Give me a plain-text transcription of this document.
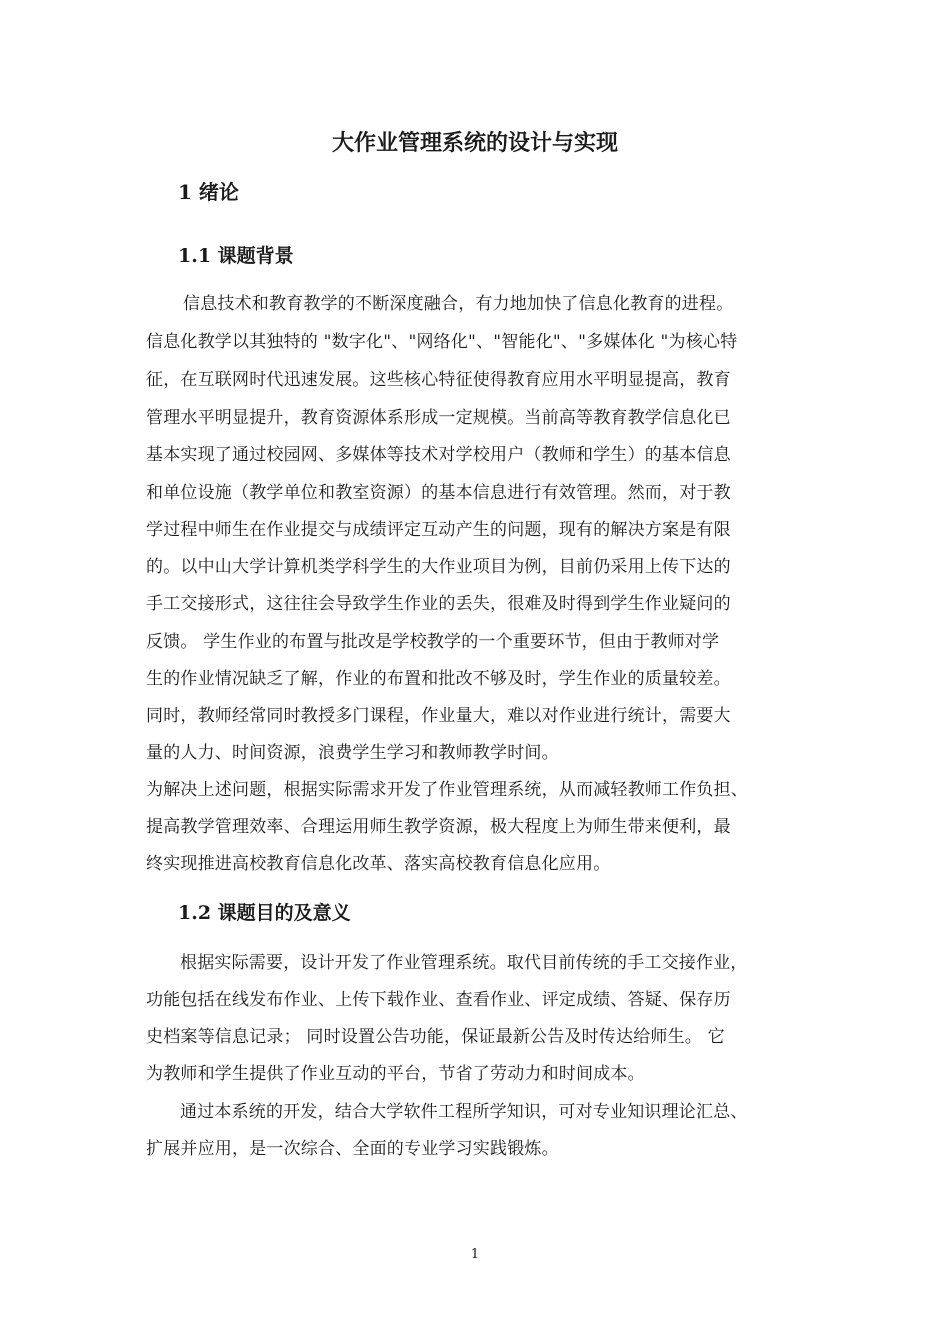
大作业管理系统的设计与实现
1 绪论
1.1 课题背景
信息技术和教育教学的不断深度融合，有力地加快了信息化教育的进程。
信息化教学以其独特的 "数字化"、"网络化"、"智能化"、"多媒体化 "为核心特
征，在互联网时代迅速发展。这些核心特征使得教育应用水平明显提高，教育
管理水平明显提升，教育资源体系形成一定规模。当前高等教育教学信息化已
基本实现了通过校园网、多媒体等技术对学校用户（教师和学生）的基本信息
和单位设施（教学单位和教室资源）的基本信息进行有效管理。然而，对于教
学过程中师生在作业提交与成绩评定互动产生的问题，现有的解决方案是有限
的。以中山大学计算机类学科学生的大作业项目为例，目前仍采用上传下达的
手工交接形式，这往往会导致学生作业的丢失，很难及时得到学生作业疑问的
反馈。 学生作业的布置与批改是学校教学的一个重要环节，但由于教师对学
生的作业情况缺乏了解，作业的布置和批改不够及时，学生作业的质量较差。
同时，教师经常同时教授多门课程，作业量大，难以对作业进行统计，需要大
量的人力、时间资源，浪费学生学习和教师教学时间。
为解决上述问题，根据实际需求开发了作业管理系统，从而减轻教师工作负担、
提高教学管理效率、合理运用师生教学资源，极大程度上为师生带来便利，最
终实现推进高校教育信息化改革、落实高校教育信息化应用。
1.2 课题目的及意义
根据实际需要，设计开发了作业管理系统。取代目前传统的手工交接作业，
功能包括在线发布作业、上传下载作业、查看作业、评定成绩、答疑、保存历
史档案等信息记录； 同时设置公告功能，保证最新公告及时传达给师生。 它
为教师和学生提供了作业互动的平台，节省了劳动力和时间成本。
通过本系统的开发，结合大学软件工程所学知识，可对专业知识理论汇总、
扩展并应用，是一次综合、全面的专业学习实践锻炼。
1
